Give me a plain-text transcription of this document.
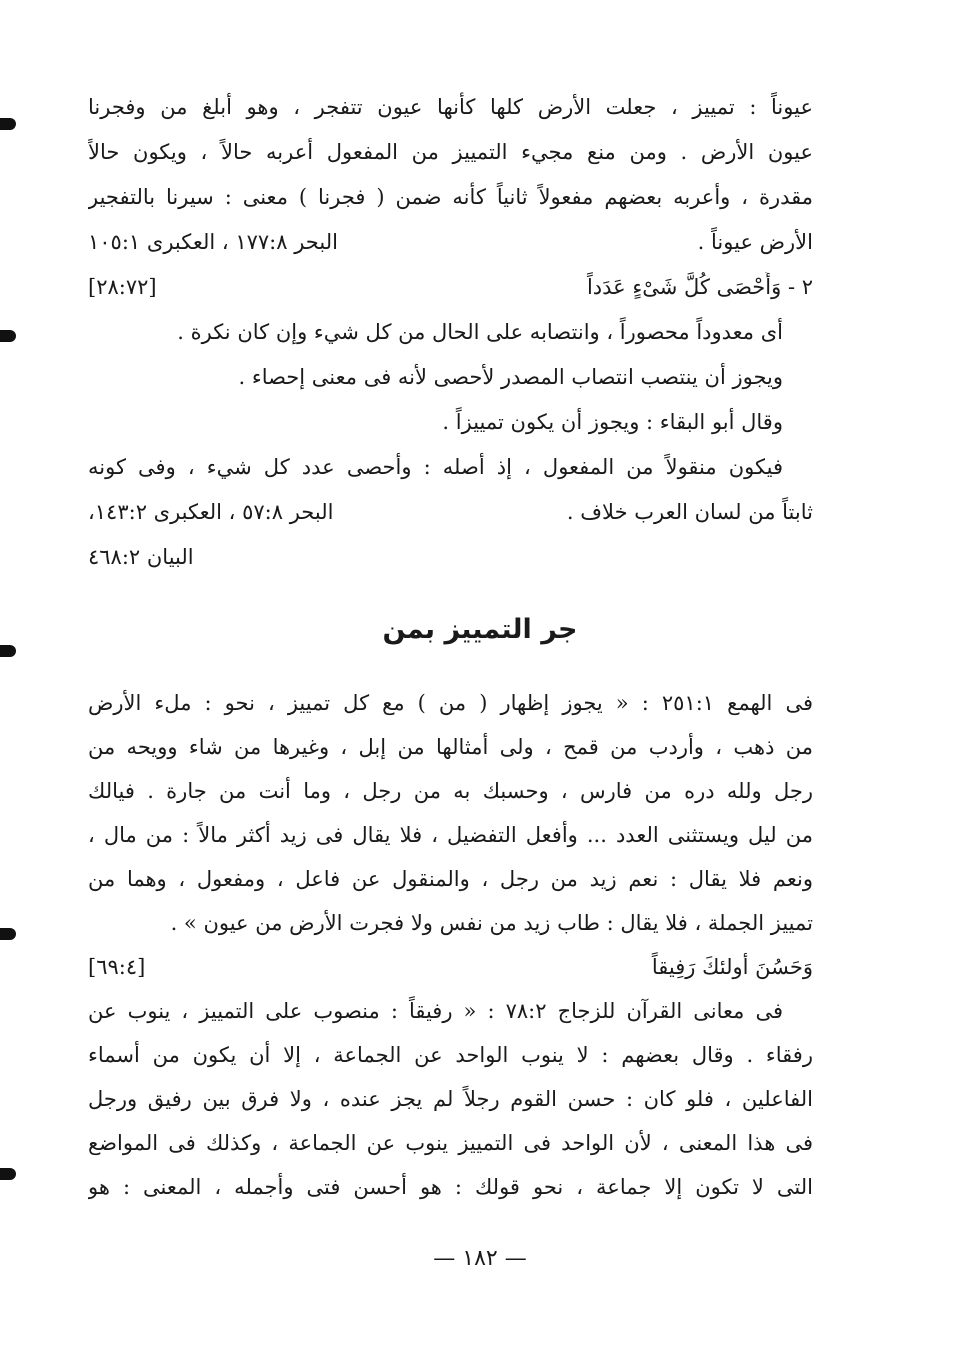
عيوناً : تمييز ، جعلت الأرض كلها كأنها عيون تتفجر ، وهو أبلغ من وفجرنا
عيون الأرض . ومن منع مجيء التمييز من المفعول أعربه حالاً ، ويكون حالاً
مقدرة ، وأعربه بعضهم مفعولاً ثانياً كأنه ضمن ( فجرنا ) معنى : سيرنا بالتفجير
الأرض عيوناً .
البحر ١٧٧:٨ ، العكبرى ١٠٥:١
٢ - وَأَحْصَى كُلَّ شَىْءٍ عَدَداً
[٢٨:٧٢]
أى معدوداً محصوراً ، وانتصابه على الحال من كل شيء وإن كان نكرة .
ويجوز أن ينتصب انتصاب المصدر لأحصى لأنه فى معنى إحصاء .
وقال أبو البقاء : ويجوز أن يكون تمييزاً .
فيكون منقولاً من المفعول ، إذ أصله : وأحصى عدد كل شيء ، وفى كونه
ثابتاً من لسان العرب خلاف .
البحر ٥٧:٨ ، العكبرى ١٤٣:٢،
البيان ٤٦٨:٢
جر التمييز بمن
فى الهمع ٢٥١:١ : « يجوز إظهار ( من ) مع كل تمييز ، نحو : ملء الأرض
من ذهب ، وأردب من قمح ، ولى أمثالها من إبل ، وغيرها من شاء وويحه من
رجل ولله دره من فارس ، وحسبك به من رجل ، وما أنت من جارة . فيالك
من ليل ويستثنى العدد ... وأفعل التفضيل ، فلا يقال فى زيد أكثر مالاً : من مال ،
ونعم فلا يقال : نعم زيد من رجل ، والمنقول عن فاعل ، ومفعول ، وهما من
تمييز الجملة ، فلا يقال : طاب زيد من نفس ولا فجرت الأرض من عيون » .
وَحَسُنَ أولئكَ رَفِيقاً
[٦٩:٤]
فى معانى القرآن للزجاج ٧٨:٢ : « رفيقاً : منصوب على التمييز ، ينوب عن
رفقاء . وقال بعضهم : لا ينوب الواحد عن الجماعة ، إلا أن يكون من أسماء
الفاعلين ، فلو كان : حسن القوم رجلاً لم يجز عنده ، ولا فرق بين رفيق ورجل
فى هذا المعنى ، لأن الواحد فى التمييز ينوب عن الجماعة ، وكذلك فى المواضع
التى لا تكون إلا جماعة ، نحو قولك : هو أحسن فتى وأجمله ، المعنى : هو
— ١٨٢ —
